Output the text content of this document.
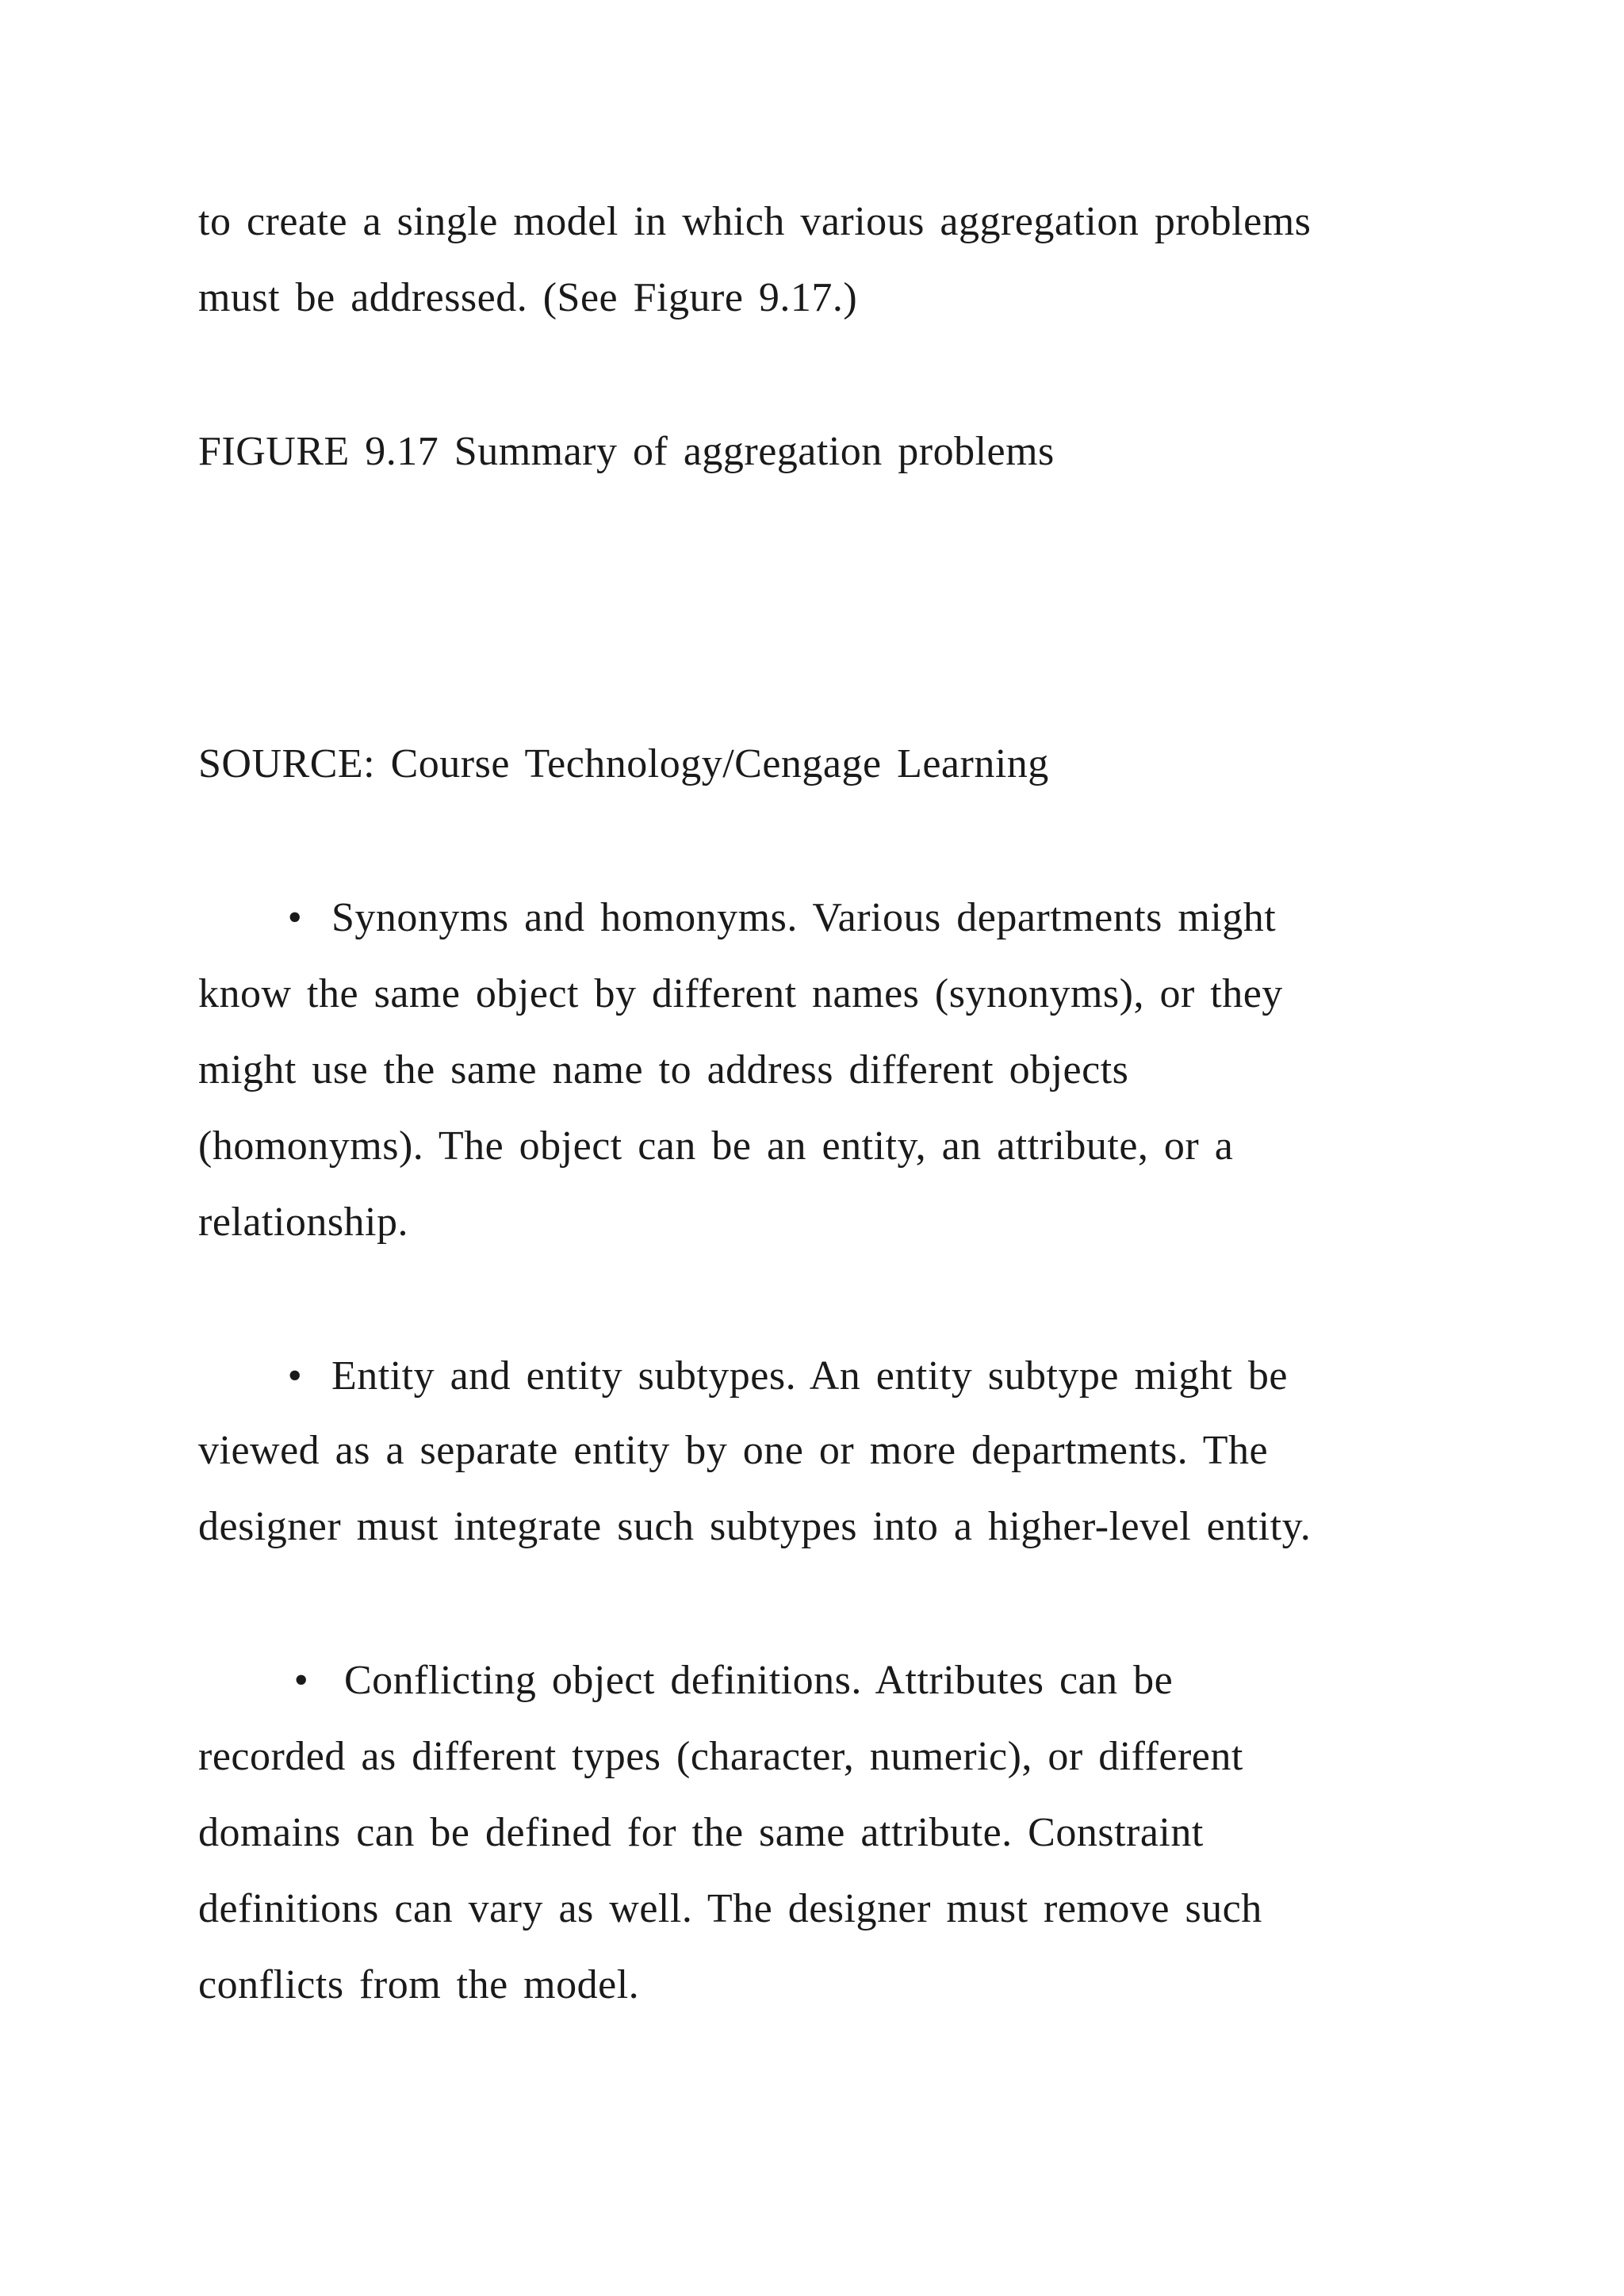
to create a single model in which various aggregation problems
must be addressed. (See Figure 9.17.)
FIGURE 9.17 Summary of aggregation problems
SOURCE: Course Technology/Cengage Learning
• Synonyms and homonyms. Various departments might
know the same object by different names (synonyms), or they
might use the same name to address different objects
(homonyms). The object can be an entity, an attribute, or a
relationship.
• Entity and entity subtypes. An entity subtype might be
viewed as a separate entity by one or more departments. The
designer must integrate such subtypes into a higher-level entity.
• Conflicting object definitions. Attributes can be
recorded as different types (character, numeric), or different
domains can be defined for the same attribute. Constraint
definitions can vary as well. The designer must remove such
conflicts from the model.
